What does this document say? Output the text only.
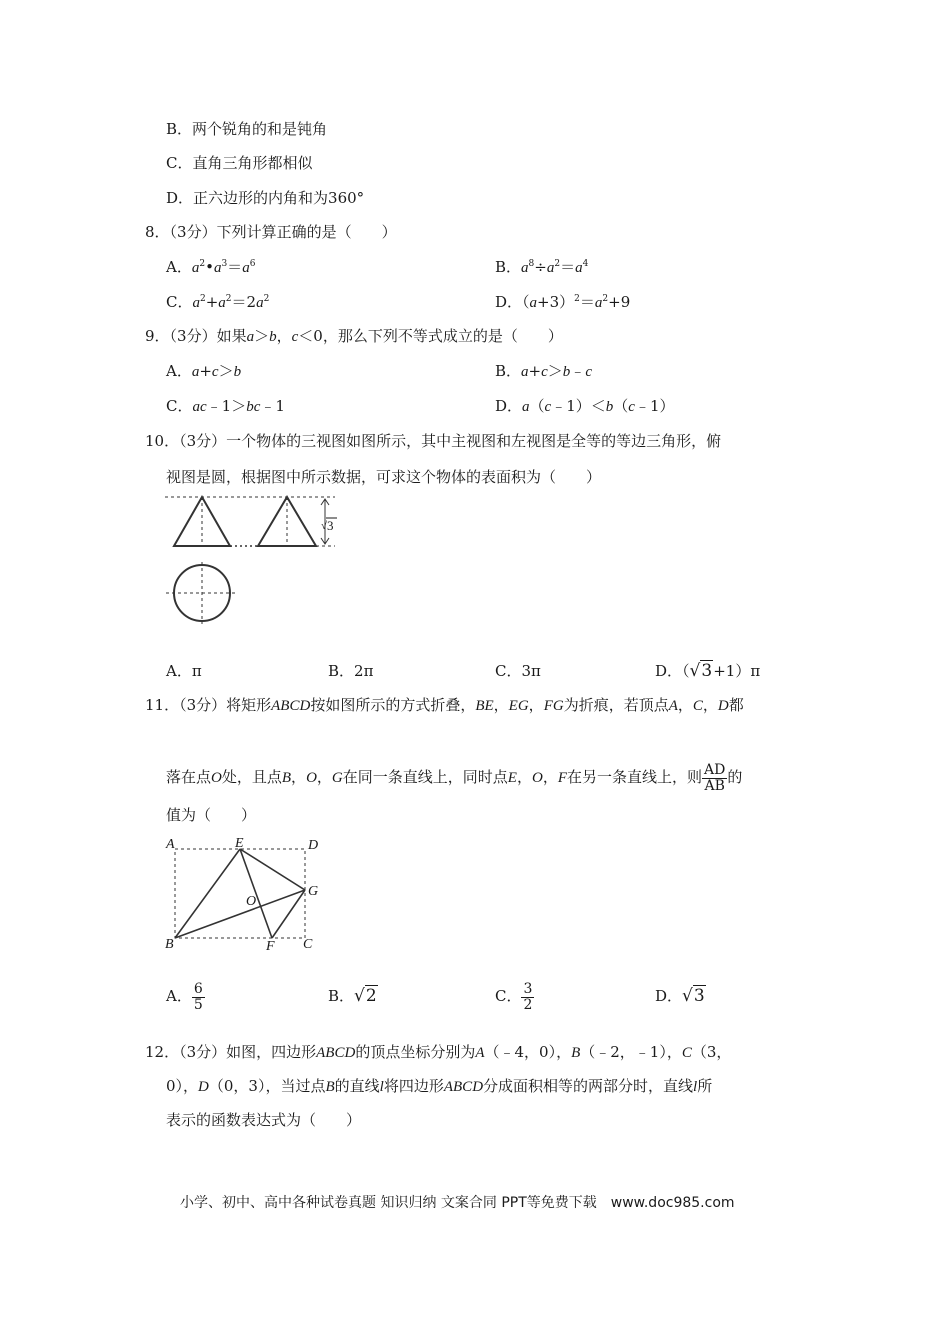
B．两个锐角的和是钝角
C．直角三角形都相似
D．正六边形的内角和为360°
8．（3分）下列计算正确的是（　　）
A．$a^2•a^3=a^6$	B．$a^8\div a^2=a^4$
C．$a^2+a^2=2a^2$	D．$(a+3)^2=a^2+9$
9．（3分）如果a＞b，c＜0，那么下列不等式成立的是（　　）
A．a+c＞b	B．a+c＞b﹣c
C．ac﹣1＞bc﹣1	D．a（c﹣1）＜b（c﹣1）
10．（3分）一个物体的三视图如图所示，其中主视图和左视图是全等的等边三角形，俯
视图是圆，根据图中所示数据，可求这个物体的表面积为（　　）
√ 3
A．π	B．2π	C．3π	D．（√3+1）π
11．（3分）将矩形ABCD按如图所示的方式折叠，BE，EG，FG为折痕，若顶点A，C，D都
落在点O处，且点B，O，G在同一条直线上，同时点E，O，F在另一条直线上，则 $\frac{AD}{AB}$ 的
值为（　　）
A	E	D
O
G
B	F C
A． $\frac{6}{5}$	B．√2	C． $\frac{3}{2}$	D．√3
12．（3分）如图，四边形ABCD的顶点坐标分别为A（﹣4，0），B（﹣2，﹣1），C（3，
0），D（0，3），当过点B的直线l将四边形ABCD分成面积相等的两部分时，直线l所
表示的函数表达式为（　　）
小学、初中、高中各种试卷真题 知识归纳 文案合同 PPT等免费下载　www.doc985.com
